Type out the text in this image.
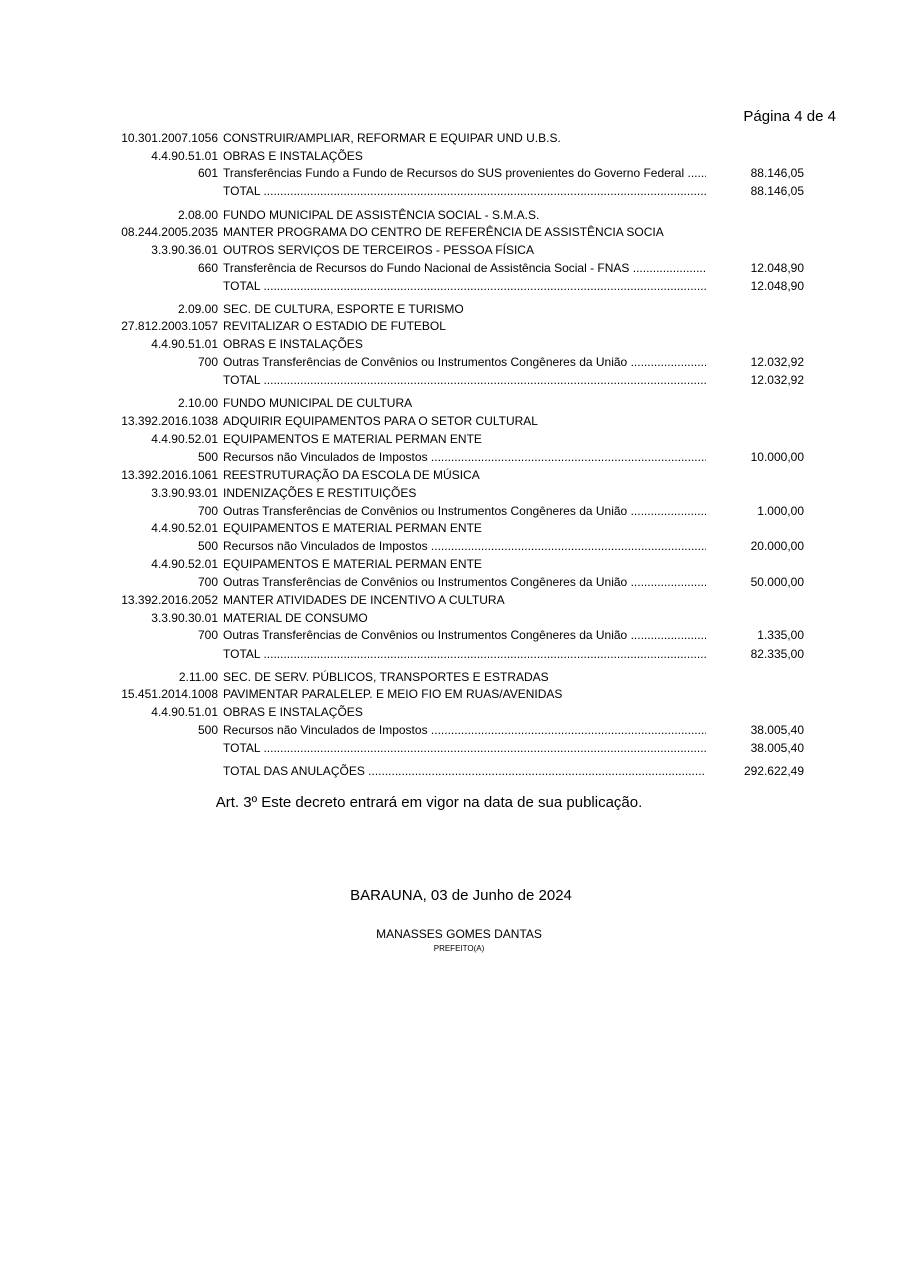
Página 4 de 4
10.301.2007.1056 CONSTRUIR/AMPLIAR, REFORMAR E EQUIPAR UND U.B.S.
4.4.90.51.01 OBRAS E INSTALAÇÕES
601 Transferências Fundo a Fundo de Recursos do SUS provenientes do Governo Federal .....	88.146,05
TOTAL .....	88.146,05
2.08.00 FUNDO MUNICIPAL DE ASSISTÊNCIA SOCIAL - S.M.A.S.
08.244.2005.2035 MANTER PROGRAMA DO CENTRO DE REFERÊNCIA DE ASSISTÊNCIA SOCIA
3.3.90.36.01 OUTROS SERVIÇOS DE TERCEIROS - PESSOA FÍSICA
660 Transferência de Recursos do Fundo Nacional de Assistência Social - FNAS .....	12.048,90
TOTAL .....	12.048,90
2.09.00 SEC. DE CULTURA, ESPORTE E TURISMO
27.812.2003.1057 REVITALIZAR O ESTADIO DE FUTEBOL
4.4.90.51.01 OBRAS E INSTALAÇÕES
700 Outras Transferências de Convênios ou Instrumentos Congêneres da União .....	12.032,92
TOTAL .....	12.032,92
2.10.00 FUNDO MUNICIPAL DE CULTURA
13.392.2016.1038 ADQUIRIR EQUIPAMENTOS PARA O SETOR CULTURAL
4.4.90.52.01 EQUIPAMENTOS E MATERIAL PERMAN ENTE
500 Recursos não Vinculados de Impostos .....	10.000,00
13.392.2016.1061 REESTRUTURAÇÃO DA ESCOLA DE MÚSICA
3.3.90.93.01 INDENIZAÇÕES E RESTITUIÇÕES
700 Outras Transferências de Convênios ou Instrumentos Congêneres da União .....	1.000,00
4.4.90.52.01 EQUIPAMENTOS E MATERIAL PERMAN ENTE
500 Recursos não Vinculados de Impostos .....	20.000,00
4.4.90.52.01 EQUIPAMENTOS E MATERIAL PERMAN ENTE
700 Outras Transferências de Convênios ou Instrumentos Congêneres da União .....	50.000,00
13.392.2016.2052 MANTER ATIVIDADES DE INCENTIVO A CULTURA
3.3.90.30.01 MATERIAL DE CONSUMO
700 Outras Transferências de Convênios ou Instrumentos Congêneres da União .....	1.335,00
TOTAL .....	82.335,00
2.11.00 SEC. DE SERV. PÚBLICOS, TRANSPORTES E ESTRADAS
15.451.2014.1008 PAVIMENTAR PARALELEP. E MEIO FIO EM RUAS/AVENIDAS
4.4.90.51.01 OBRAS E INSTALAÇÕES
500 Recursos não Vinculados de Impostos .....	38.005,40
TOTAL .....	38.005,40
TOTAL DAS ANULAÇÕES .....	292.622,49
Art. 3º Este decreto entrará em vigor na data de sua publicação.
BARAUNA, 03 de Junho de 2024
MANASSES GOMES DANTAS
PREFEITO(A)
